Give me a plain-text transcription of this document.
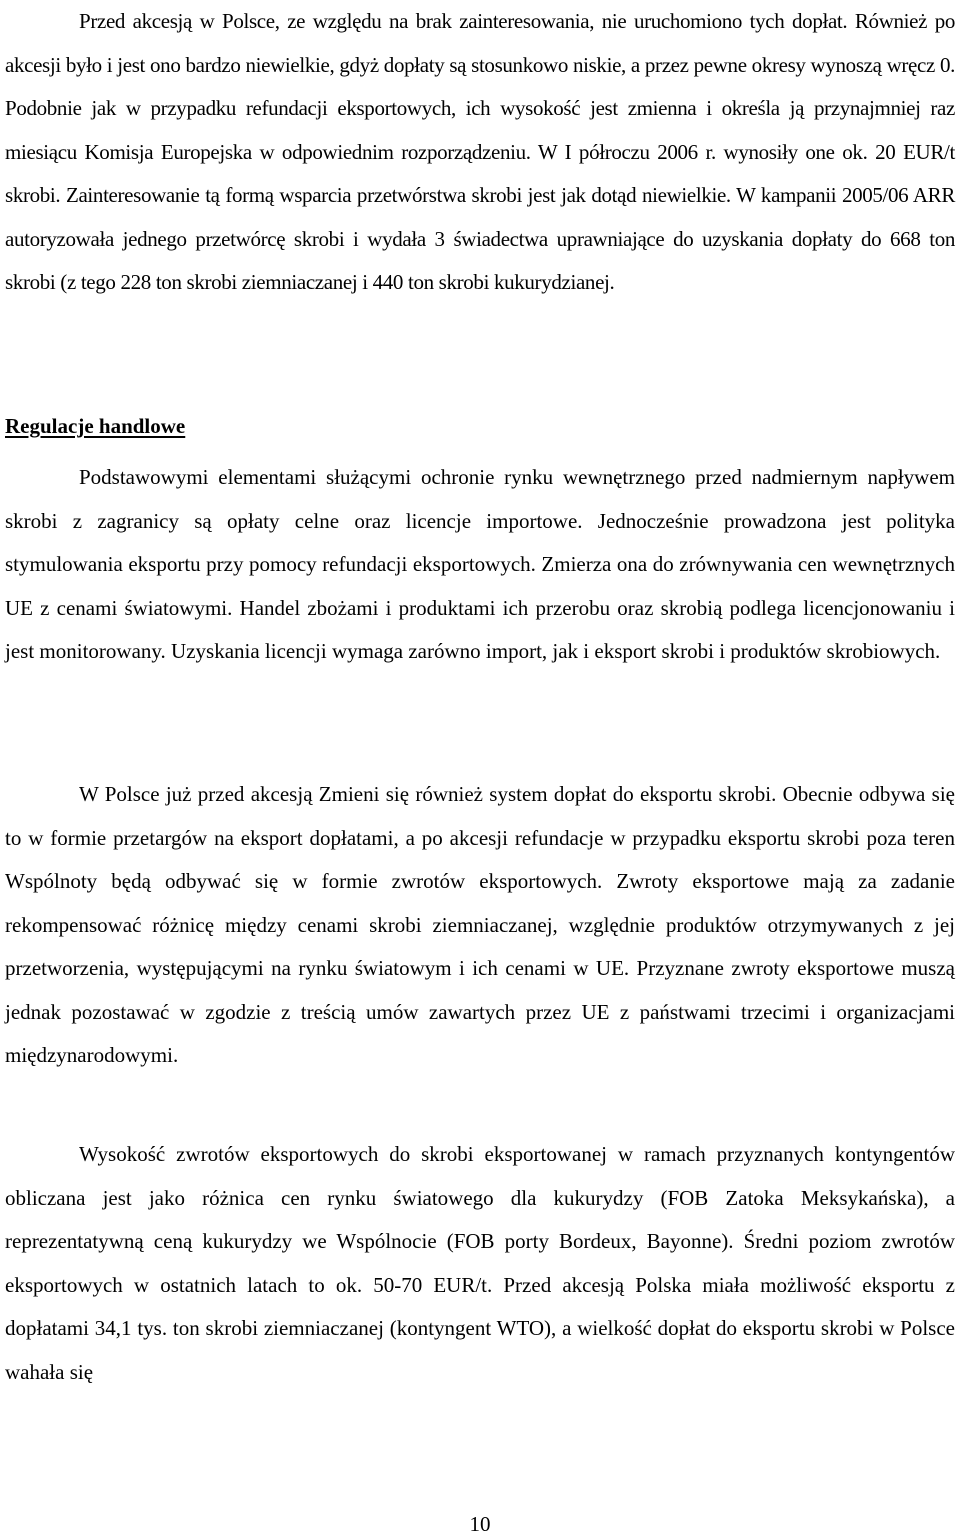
Przed akcesją w Polsce, ze względu na brak zainteresowania, nie uruchomiono tych dopłat. Również po akcesji było i jest ono bardzo niewielkie, gdyż dopłaty są stosunkowo niskie, a przez pewne okresy wynoszą wręcz 0. Podobnie jak w przypadku refundacji eksportowych, ich wysokość jest zmienna i określa ją przynajmniej raz miesiącu Komisja Europejska w odpowiednim rozporządzeniu. W I półroczu 2006 r. wynosiły one ok. 20 EUR/t skrobi. Zainteresowanie tą formą wsparcia przetwórstwa skrobi jest jak dotąd niewielkie. W kampanii 2005/06 ARR autoryzowała jednego przetwórcę skrobi i wydała 3 świadectwa uprawniające do uzyskania dopłaty do 668 ton skrobi (z tego 228 ton skrobi ziemniaczanej i 440 ton skrobi kukurydzianej.

Regulacje handlowe

Podstawowymi elementami służącymi ochronie rynku wewnętrznego przed nadmiernym napływem skrobi z zagranicy są opłaty celne oraz licencje importowe. Jednocześnie prowadzona jest polityka stymulowania eksportu przy pomocy refundacji eksportowych. Zmierza ona do zrównywania cen wewnętrznych UE z cenami światowymi. Handel zbożami i produktami ich przerobu oraz skrobią podlega licencjonowaniu i jest monitorowany. Uzyskania licencji wymaga zarówno import, jak i eksport skrobi i produktów skrobiowych.

W Polsce już przed akcesją Zmieni się również system dopłat do eksportu skrobi. Obecnie odbywa się to w formie przetargów na eksport dopłatami, a po akcesji refundacje w przypadku eksportu skrobi poza teren Wspólnoty będą odbywać się w formie zwrotów eksportowych. Zwroty eksportowe mają za zadanie rekompensować różnicę między cenami skrobi ziemniaczanej, względnie produktów otrzymywanych z jej przetworzenia, występującymi na rynku światowym i ich cenami w UE. Przyznane zwroty eksportowe muszą jednak pozostawać w zgodzie z treścią umów zawartych przez UE z państwami trzecimi i organizacjami międzynarodowymi.

Wysokość zwrotów eksportowych do skrobi eksportowanej w ramach przyznanych kontyngentów obliczana jest jako różnica cen rynku światowego dla kukurydzy (FOB Zatoka Meksykańska), a reprezentatywną ceną kukurydzy we Wspólnocie (FOB porty Bordeux, Bayonne). Średni poziom zwrotów eksportowych w ostatnich latach to ok. 50-70 EUR/t. Przed akcesją Polska miała możliwość eksportu z dopłatami 34,1 tys. ton skrobi ziemniaczanej (kontyngent WTO), a wielkość dopłat do eksportu skrobi w Polsce wahała się

10
